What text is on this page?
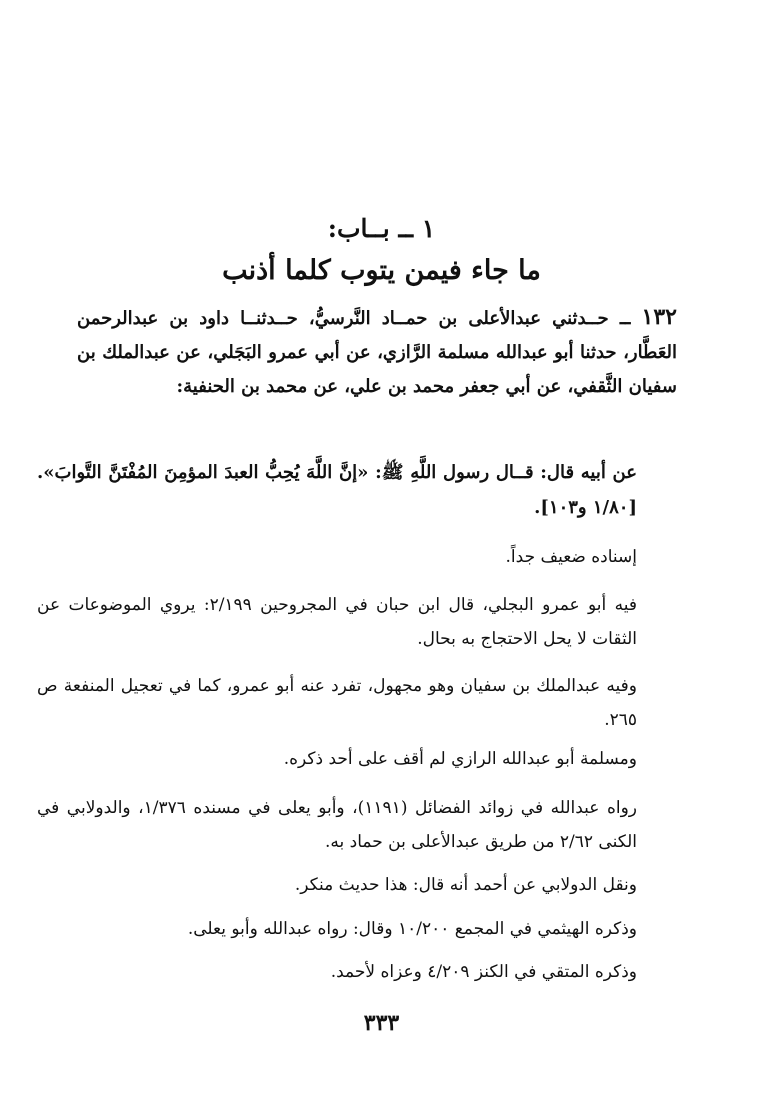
١ ــ بــاب:
ما جاء فيمن يتوب كلما أذنب
١٣٢ ــ حــدثني عبدالأعلى بن حمــاد النَّرسيُّ، حــدثنــا داود بن عبدالرحمن العَطَّار، حدثنا أبو عبدالله مسلمة الرَّازي، عن أبي عمرو البَجَلي، عن عبدالملك بن سفيان الثَّقفي، عن أبي جعفر محمد بن علي، عن محمد بن الحنفية:
عن أبيه قال: قــال رسول اللَّهِ ﷺ: «إنَّ اللَّهَ يُحِبُّ العبدَ المؤمِنَ المُفْتَنَّ التَّوابَ». [١/٨٠ و١٠٣].
إسناده ضعيف جداً.
فيه أبو عمرو البجلي، قال ابن حبان في المجروحين ٢/١٩٩: يروي الموضوعات عن الثقات لا يحل الاحتجاج به بحال.
وفيه عبدالملك بن سفيان وهو مجهول، تفرد عنه أبو عمرو، كما في تعجيل المنفعة ص ٢٦٥.
ومسلمة أبو عبدالله الرازي لم أقف على أحد ذكره.
رواه عبدالله في زوائد الفضائل (١١٩١)، وأبو يعلى في مسنده ١/٣٧٦، والدولابي في الكنى ٢/٦٢ من طريق عبدالأعلى بن حماد به.
ونقل الدولابي عن أحمد أنه قال: هذا حديث منكر.
وذكره الهيثمي في المجمع ١٠/٢٠٠ وقال: رواه عبدالله وأبو يعلى.
وذكره المتقي في الكنز ٤/٢٠٩ وعزاه لأحمد.
٣٣٣
